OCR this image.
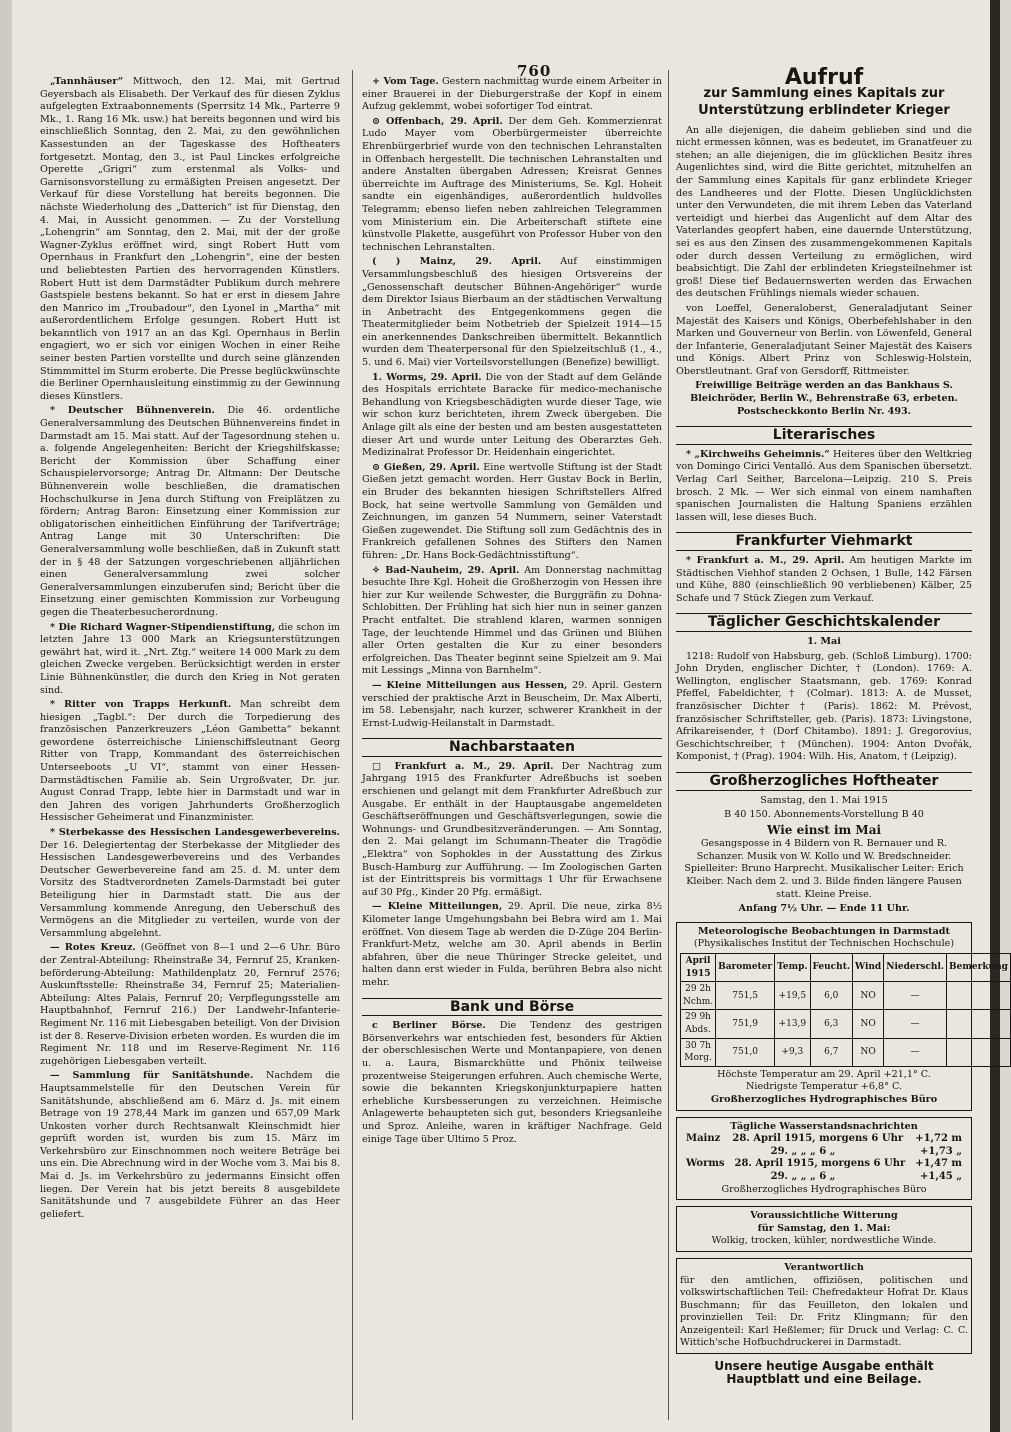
760

„Tannhäuser“ Mittwoch, den 12. Mai, mit Gertrud Geyersbach als Elisabeth. Der Verkauf des für diesen Zyklus aufgelegten Extraabonnements (Sperrsitz 14 Mk., Parterre 9 Mk., 1. Rang 16 Mk. usw.) hat bereits begonnen und wird bis einschließlich Sonntag, den 2. Mai, zu den gewöhnlichen Kassestunden an der Tageskasse des Hoftheaters fortgesetzt. Montag, den 3., ist Paul Linckes erfolgreiche Operette „Grigri“ zum erstenmal als Volks- und Garnisonsvorstellung zu ermäßigten Preisen angesetzt. Der Verkauf für diese Vorstellung hat bereits begonnen. Die nächste Wiederholung des „Datterich“ ist für Dienstag, den 4. Mai, in Aussicht genommen. — Zu der Vorstellung „Lohengrin“ am Sonntag, den 2. Mai, mit der der große Wagner-Zyklus eröffnet wird, singt Robert Hutt vom Opernhaus in Frankfurt den „Lohengrin“, eine der besten und beliebtesten Partien des hervorragenden Künstlers. Robert Hutt ist dem Darmstädter Publikum durch mehrere Gastspiele bestens bekannt. So hat er erst in diesem Jahre den Manrico im „Troubadour“, den Lyonel in „Martha“ mit außerordentlichem Erfolge gesungen. Robert Hutt ist bekanntlich von 1917 an an das Kgl. Opernhaus in Berlin engagiert, wo er sich vor einigen Wochen in einer Reihe seiner besten Partien vorstellte und durch seine glänzenden Stimmmittel im Sturm eroberte. Die Presse beglückwünschte die Berliner Opernhausleitung einstimmig zu der Gewinnung dieses Künstlers.

* Deutscher Bühnenverein. Die 46. ordentliche Generalversammlung des Deutschen Bühnenvereins findet in Darmstadt am 15. Mai statt. Auf der Tagesordnung stehen u. a. folgende Angelegenheiten: Bericht der Kriegshilfskasse; Bericht der Kommission über Schaffung einer Schauspielervorsorge; Antrag Dr. Altmann: Der Deutsche Bühnenverein wolle beschließen, die dramatischen Hochschulkurse in Jena durch Stiftung von Freiplätzen zu fördern; Antrag Baron: Einsetzung einer Kommission zur obligatorischen einheitlichen Einführung der Tarifverträge; Antrag Lange mit 30 Unterschriften: Die Generalversammlung wolle beschließen, daß in Zukunft statt der in § 48 der Satzungen vorgeschriebenen alljährlichen einen Generalversammlung zwei solcher Generalversammlungen einzuberufen sind; Bericht über die Einsetzung einer gemischten Kommission zur Vorbeugung gegen die Theaterbesucherordnung.

* Die Richard Wagner-Stipendienstiftung, die schon im letzten Jahre 13 000 Mark an Kriegsunterstützungen gewährt hat, wird it. „Nrt. Ztg.“ weitere 14 000 Mark zu dem gleichen Zwecke vergeben. Berücksichtigt werden in erster Linie Bühnenkünstler, die durch den Krieg in Not geraten sind.

* Ritter von Trapps Herkunft. Man schreibt dem hiesigen „Tagbl.“: Der durch die Torpedierung des französischen Panzerkreuzers „Léon Gambetta“ bekannt gewordene österreichische Linienschiffsleutnant Georg Ritter von Trapp, Kommandant des österreichischen Unterseeboots „U VI“, stammt von einer Hessen-Darmstädtischen Familie ab. Sein Urgroßvater, Dr. jur. August Conrad Trapp, lebte hier in Darmstadt und war in den Jahren des vorigen Jahrhunderts Großherzoglich Hessischer Geheimerat und Finanzminister.

* Sterbekasse des Hessischen Landesgewerbevereins. Der 16. Delegiertentag der Sterbekasse der Mitglieder des Hessischen Landesgewerbevereins und des Verbandes Deutscher Gewerbevereine fand am 25. d. M. unter dem Vorsitz des Stadtverordneten Zamels-Darmstadt bei guter Beteiligung hier in Darmstadt statt. Die aus der Versammlung kommende Anregung, den Ueberschuß des Vermögens an die Mitglieder zu verteilen, wurde von der Versammlung abgelehnt.

— Rotes Kreuz. (Geöffnet von 8—1 und 2—6 Uhr. Büro der Zentral-Abteilung: Rheinstraße 34, Fernruf 25, Kranken-beförderung-Abteilung: Mathildenplatz 20, Fernruf 2576; Auskunftsstelle: Rheinstraße 34, Fernruf 25; Materialien-Abteilung: Altes Palais, Fernruf 20; Verpflegungsstelle am Hauptbahnhof, Fernruf 216.) Der Landwehr-Infanterie-Regiment Nr. 116 mit Liebesgaben beteiligt. Von der Division ist der 8. Reserve-Division erbeten worden. Es wurden die im Regiment Nr. 118 und im Reserve-Regiment Nr. 116 zugehörigen Liebesgaben verteilt.

— Sammlung für Sanitätshunde. Nachdem die Hauptsammelstelle für den Deutschen Verein für Sanitätshunde, abschließend am 6. März d. Js. mit einem Betrage von 19 278,44 Mark im ganzen und 657,09 Mark Unkosten vorher durch Rechtsanwalt Kleinschmidt hier geprüft worden ist, wurden bis zum 15. März im Verkehrsbüro zur Einschnommen noch weitere Beträge bei uns ein. Die Abrechnung wird in der Woche vom 3. Mai bis 8. Mai d. Js. im Verkehrsbüro zu jedermanns Einsicht offen liegen. Der Verein hat bis jetzt bereits 8 ausgebildete Sanitätshunde und 7 ausgebildete Führer an das Heer geliefert.

+ Vom Tage. Gestern nachmittag wurde einem Arbeiter in einer Brauerei in der Dieburgerstraße der Kopf in einem Aufzug geklemmt, wobei sofortiger Tod eintrat.

⊙ Offenbach, 29. April. Der dem Geh. Kommerzienrat Ludo Mayer vom Oberbürgermeister überreichte Ehrenbürgerbrief wurde von den technischen Lehranstalten in Offenbach hergestellt. Die technischen Lehranstalten und andere Anstalten übergaben Adressen; Kreisrat Gennes überreichte im Auftrage des Ministeriums, Se. Kgl. Hoheit sandte ein eigenhändiges, außerordentlich huldvolles Telegramm; ebenso liefen neben zahlreichen Telegrammen vom Ministerium ein. Die Arbeiterschaft stiftete eine künstvolle Plakette, ausgeführt von Professor Huber von den technischen Lehranstalten.

( ) Mainz, 29. April. Auf einstimmigen Versammlungsbeschluß des hiesigen Ortsvereins der „Genossenschaft deutscher Bühnen-Angehöriger“ wurde dem Direktor Isiaus Bierbaum an der städtischen Verwaltung in Anbetracht des Entgegenkommens gegen die Theatermitglieder beim Notbetrieb der Spielzeit 1914—15 ein anerkennendes Dankschreiben übermittelt. Bekanntlich wurden dem Theaterpersonal für den Spielzeitschluß (1., 4., 5. und 6. Mai) vier Vorteilsvorstellungen (Benefize) bewilligt.

1. Worms, 29. April. Die von der Stadt auf dem Gelände des Hospitals errichtete Baracke für medico-mechanische Behandlung von Kriegsbeschädigten wurde dieser Tage, wie wir schon kurz berichteten, ihrem Zweck übergeben. Die Anlage gilt als eine der besten und am besten ausgestatteten dieser Art und wurde unter Leitung des Oberarztes Geh. Medizinalrat Professor Dr. Heidenhain eingerichtet.

⊙ Gießen, 29. April. Eine wertvolle Stiftung ist der Stadt Gießen jetzt gemacht worden. Herr Gustav Bock in Berlin, ein Bruder des bekannten hiesigen Schriftstellers Alfred Bock, hat seine wertvolle Sammlung von Gemälden und Zeichnungen, im ganzen 54 Nummern, seiner Vaterstadt Gießen zugewendet. Die Stiftung soll zum Gedächtnis des in Frankreich gefallenen Sohnes des Stifters den Namen führen: „Dr. Hans Bock-Gedächtnisstiftung“.

✧ Bad-Nauheim, 29. April. Am Donnerstag nachmittag besuchte Ihre Kgl. Hoheit die Großherzogin von Hessen ihre hier zur Kur weilende Schwester, die Burggräfin zu Dohna-Schlobitten. Der Frühling hat sich hier nun in seiner ganzen Pracht entfaltet. Die strahlend klaren, warmen sonnigen Tage, der leuchtende Himmel und das Grünen und Blühen aller Orten gestalten die Kur zu einer besonders erfolgreichen. Das Theater beginnt seine Spielzeit am 9. Mai mit Lessings „Minna von Barnhelm“.

— Kleine Mitteilungen aus Hessen, 29. April. Gestern verschied der praktische Arzt in Beuscheim, Dr. Max Alberti, im 58. Lebensjahr, nach kurzer, schwerer Krankheit in der Ernst-Ludwig-Heilanstalt in Darmstadt.

Nachbarstaaten

□ Frankfurt a. M., 29. April. Der Nachtrag zum Jahrgang 1915 des Frankfurter Adreßbuchs ist soeben erschienen und gelangt mit dem Frankfurter Adreßbuch zur Ausgabe. Er enthält in der Hauptausgabe angemeldeten Geschäftseröffnungen und Geschäftsverlegungen, sowie die Wohnungs- und Grundbesitzveränderungen. — Am Sonntag, den 2. Mai gelangt im Schumann-Theater die Tragödie „Elektra“ von Sophokles in der Ausstattung des Zirkus Busch-Hamburg zur Aufführung. — Im Zoologischen Garten ist der Eintrittspreis bis vormittags 1 Uhr für Erwachsene auf 30 Pfg., Kinder 20 Pfg. ermäßigt.

— Kleine Mitteilungen, 29. April. Die neue, zirka 8½ Kilometer lange Umgehungsbahn bei Bebra wird am 1. Mai eröffnet. Von diesem Tage ab werden die D-Züge 204 Berlin-Frankfurt-Metz, welche am 30. April abends in Berlin abfahren, über die neue Thüringer Strecke geleitet, und halten dann erst wieder in Fulda, berühren Bebra also nicht mehr.

Bank und Börse

c Berliner Börse. Die Tendenz des gestrigen Börsenverkehrs war entschieden fest, besonders für Aktien der oberschlesischen Werte und Montanpapiere, von denen u. a. Laura, Bismarckhütte und Phönix teilweise prozentweise Steigerungen erfuhren. Auch chemische Werte, sowie die bekannten Kriegskonjunkturpapiere hatten erhebliche Kursbesserungen zu verzeichnen. Heimische Anlagewerte behaupteten sich gut, besonders Kriegsanleihe und Sproz. Anleihe, waren in kräftiger Nachfrage. Geld einige Tage über Ultimo 5 Proz.

Aufruf
zur Sammlung eines Kapitals zur Unterstützung erblindeter Krieger

An alle diejenigen, die daheim geblieben sind und die nicht ermessen können, was es bedeutet, im Granatfeuer zu stehen; an alle diejenigen, die im glücklichen Besitz ihres Augenlichtes sind, wird die Bitte gerichtet, mitzuhelfen an der Sammlung eines Kapitals für ganz erblindete Krieger des Landheeres und der Flotte. Diesen Unglücklichsten unter den Verwundeten, die mit ihrem Leben das Vaterland verteidigt und hierbei das Augenlicht auf dem Altar des Vaterlandes geopfert haben, eine dauernde Unterstützung, sei es aus den Zinsen des zusammengekommenen Kapitals oder durch dessen Verteilung zu ermöglichen, wird beabsichtigt. Die Zahl der erblindeten Kriegsteilnehmer ist groß! Diese tief Bedauernswerten werden das Erwachen des deutschen Frühlings niemals wieder schauen.

von Loeffel, Generaloberst, Generaladjutant Seiner Majestät des Kaisers und Königs, Oberbefehlshaber in den Marken und Gouverneur von Berlin. von Löwenfeld, General der Infanterie, Generaladjutant Seiner Majestät des Kaisers und Königs. Albert Prinz von Schleswig-Holstein, Oberstleutnant. Graf von Gersdorff, Rittmeister.

Freiwillige Beiträge werden an das Bankhaus S. Bleichröder, Berlin W., Behrenstraße 63, erbeten. Postscheckkonto Berlin Nr. 493.

Literarisches

* „Kirchweihs Geheimnis.“ Heiteres über den Weltkrieg von Domingo Cirici Ventalló. Aus dem Spanischen übersetzt. Verlag Carl Seither, Barcelona—Leipzig. 210 S. Preis brosch. 2 Mk. — Wer sich einmal von einem namhaften spanischen Journalisten die Haltung Spaniens erzählen lassen will, lese dieses Buch.

Frankfurter Viehmarkt

* Frankfurt a. M., 29. April. Am heutigen Markte im Städtischen Viehhof standen 2 Ochsen, 1 Bulle, 142 Färsen und Kühe, 880 (einschließlich 90 verbliebenen) Kälber, 25 Schafe und 7 Stück Ziegen zum Verkauf.

Täglicher Geschichtskalender

1. Mai

1218: Rudolf von Habsburg, geb. (Schloß Limburg). 1700: John Dryden, englischer Dichter, † (London). 1769: A. Wellington, englischer Staatsmann, geb. 1769: Konrad Pfeffel, Fabeldichter, † (Colmar). 1813: A. de Musset, französischer Dichter † (Paris). 1862: M. Prévost, französischer Schriftsteller, geb. (Paris). 1873: Livingstone, Afrikareisender, † (Dorf Chitambo). 1891: J. Gregorovius, Geschichtschreiber, † (München). 1904: Anton Dvořák, Komponist, † (Prag). 1904: Wilh. His, Anatom, † (Leipzig).

Großherzogliches Hoftheater

Samstag, den 1. Mai 1915

B 40 150. Abonnements-Vorstellung B 40

Wie einst im Mai

Gesangsposse in 4 Bildern von R. Bernauer und R. Schanzer. Musik von W. Kollo und W. Bredschneider. Spielleiter: Bruno Harprecht. Musikalischer Leiter: Erich Kleiber. Nach dem 2. und 3. Bilde finden längere Pausen statt. Kleine Preise.

Anfang 7½ Uhr. — Ende 11 Uhr.

Meteorologische Beobachtungen in Darmstadt
(Physikalisches Institut der Technischen Hochschule)
April 1915	Barometer	Temp.	Feucht.	Wind	Niederschl.	Bemerkung
29 2h Nchm.	751,5	+19,5	6,0	NO	—	
29 9h Abds.	751,9	+13,9	6,3	NO	—	
30 7h Morg.	751,0	+9,3	6,7	NO	—	
Höchste Temperatur am 29. April +21,1° C.
Niedrigste Temperatur +6,8° C.
Großherzogliches Hydrographisches Büro
Tägliche Wasserstandsnachrichten
Mainz 28. April 1915, morgens 6 Uhr +1,72 m
29. „ „ „ 6 „	+1,73 „
Worms 28. April 1915, morgens 6 Uhr +1,47 m
29. „ „ „ 6 „	+1,45 „
Großherzogliches Hydrographisches Büro
Voraussichtliche Witterung
für Samstag, den 1. Mai:
Wolkig, trocken, kühler, nordwestliche Winde.
Verantwortlich
für den amtlichen, offiziösen, politischen und volkswirtschaftlichen Teil: Chefredakteur Hofrat Dr. Klaus Buschmann; für das Feuilleton, den lokalen und provinziellen Teil: Dr. Fritz Klingmann; für den Anzeigenteil: Karl Heßlemer; für Druck und Verlag: C. C. Wittich'sche Hofbuchdruckerei in Darmstadt.
Unsere heutige Ausgabe enthält Hauptblatt und eine Beilage.
